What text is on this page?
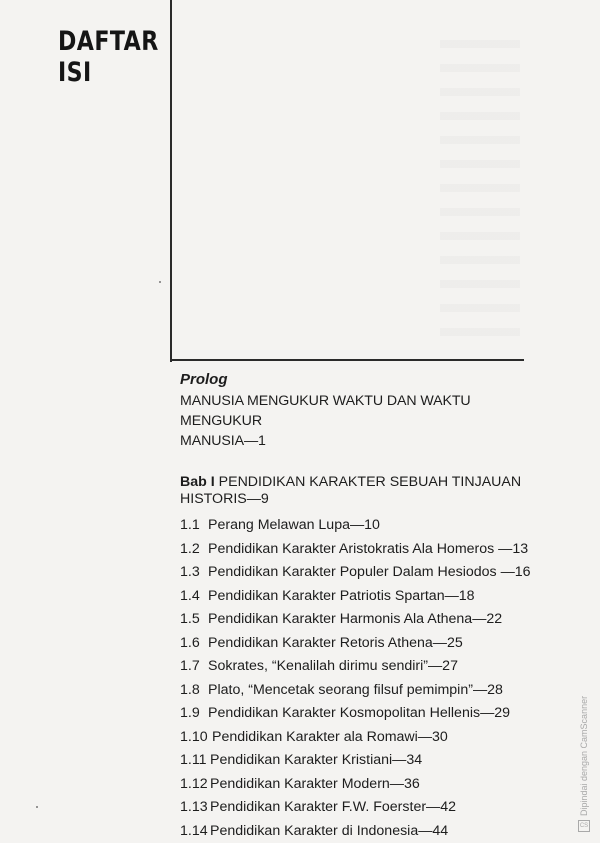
DAFTAR
ISI
Prolog
MANUSIA MENGUKUR WAKTU DAN WAKTU MENGUKUR
MANUSIA—1
Bab I PENDIDIKAN KARAKTER SEBUAH TINJAUAN
HISTORIS—9
1.1 Perang Melawan Lupa—10
1.2 Pendidikan Karakter Aristokratis Ala Homeros —13
1.3 Pendidikan Karakter Populer Dalam Hesiodos —16
1.4 Pendidikan Karakter Patriotis Spartan—18
1.5 Pendidikan Karakter Harmonis Ala Athena—22
1.6 Pendidikan Karakter Retoris Athena—25
1.7 Sokrates, “Kenalilah dirimu sendiri”—27
1.8 Plato, “Mencetak seorang filsuf pemimpin”—28
1.9 Pendidikan Karakter Kosmopolitan Hellenis—29
1.10 Pendidikan Karakter ala Romawi—30
1.11 Pendidikan Karakter Kristiani—34
1.12 Pendidikan Karakter Modern—36
1.13 Pendidikan Karakter F.W. Foerster—42
1.14 Pendidikan Karakter di Indonesia—44	CS
Dipindai dengan CamScanner
